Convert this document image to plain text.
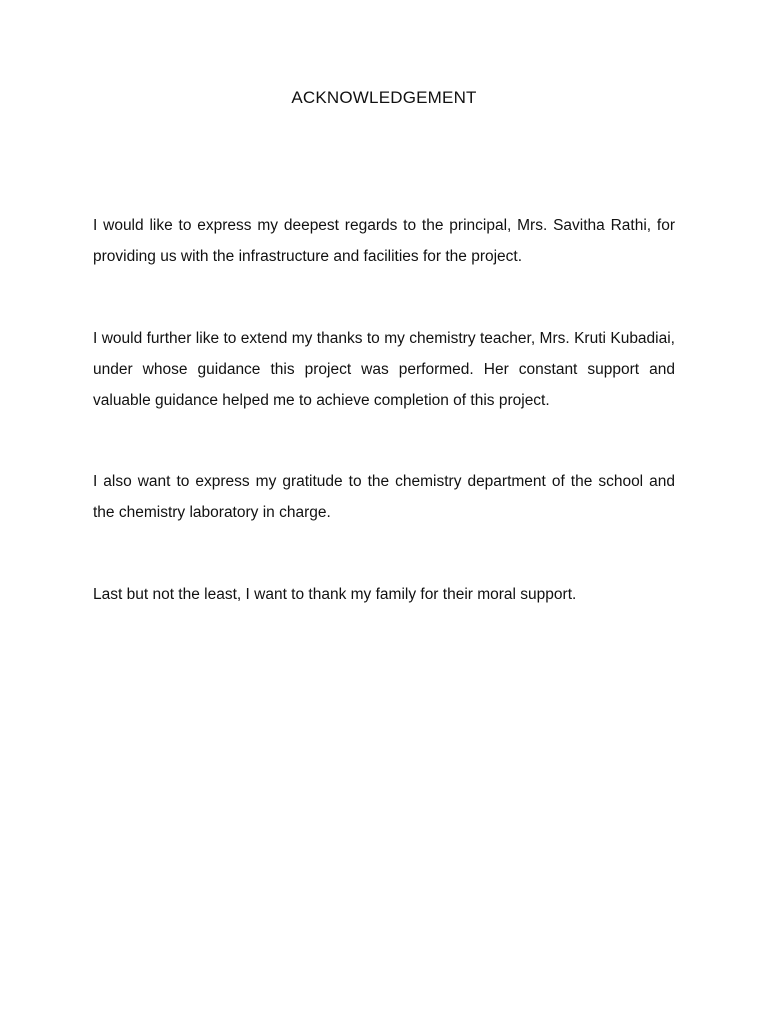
ACKNOWLEDGEMENT

I would like to express my deepest regards to the principal, Mrs. Savitha Rathi, for providing us with the infrastructure and facilities for the project.

I would further like to extend my thanks to my chemistry teacher, Mrs. Kruti Kubadiai, under whose guidance this project was performed. Her constant support and valuable guidance helped me to achieve completion of this project.

I also want to express my gratitude to the chemistry department of the school and the chemistry laboratory in charge.

Last but not the least, I want to thank my family for their moral support.
